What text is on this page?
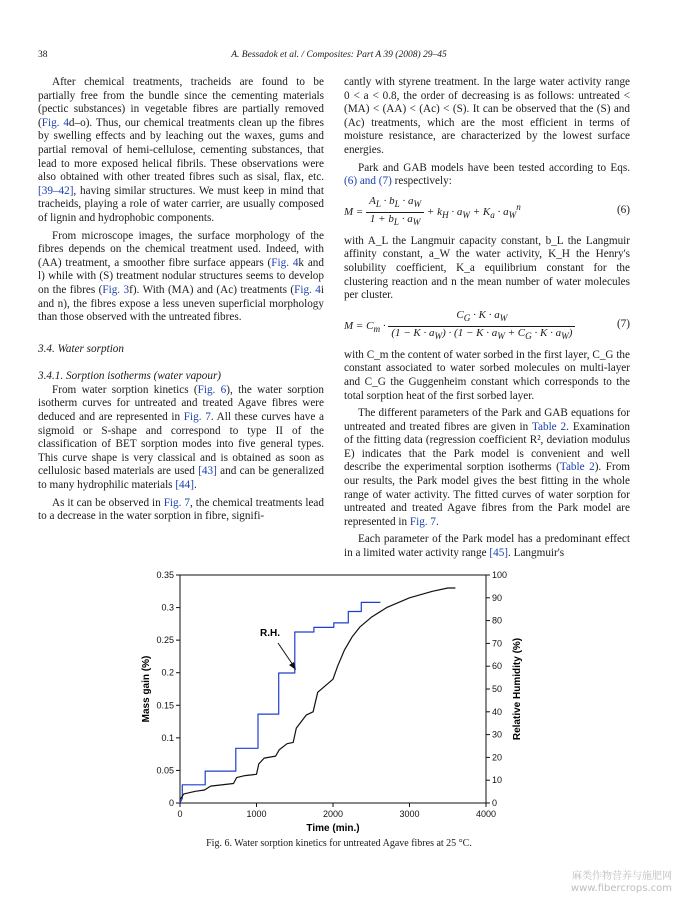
38	A. Bessadok et al. / Composites: Part A 39 (2008) 29–45

After chemical treatments, tracheids are found to be partially free from the bundle since the cementing materials (pectic substances) in vegetable fibres are partially removed (Fig. 4d–o). Thus, our chemical treatments clean up the fibres by swelling effects and by leaching out the waxes, gums and partial removal of hemi-cellulose, cementing substances, that lead to more exposed helical fibrils. These observations were also obtained with other treated fibres such as sisal, flax, etc. [39–42], having similar structures. We must keep in mind that tracheids, playing a role of water carrier, are usually composed of lignin and hydrophobic components.

From microscope images, the surface morphology of the fibres depends on the chemical treatment used. Indeed, with (AA) treatment, a smoother fibre surface appears (Fig. 4k and l) while with (S) treatment nodular structures seems to develop on the fibres (Fig. 3f). With (MA) and (Ac) treatments (Fig. 4i and n), the fibres expose a less uneven superficial morphology than those observed with the untreated fibres.

3.4. Water sorption
3.4.1. Sorption isotherms (water vapour)

From water sorption kinetics (Fig. 6), the water sorption isotherm curves for untreated and treated Agave fibres were deduced and are represented in Fig. 7. All these curves have a sigmoid or S-shape and correspond to type II of the classification of BET sorption modes into five general types. This curve shape is very classical and is obtained as soon as cellulosic based materials are used [43] and can be generalized to many hydrophilic materials [44].

As it can be observed in Fig. 7, the chemical treatments lead to a decrease in the water sorption in fibre, signifi-

cantly with styrene treatment. In the large water activity range 0 < a < 0.8, the order of decreasing is as follows: untreated < (MA) < (AA) < (Ac) < (S). It can be observed that the (S) and (Ac) treatments, which are the most efficient in terms of moisture resistance, are characterized by the lowest surface energies.

Park and GAB models have been tested according to Eqs. (6) and (7) respectively:

$M = \frac{A_L \cdot b_L \cdot a_W}{1 + b_L \cdot a_W} + k_H \cdot a_W + K_a \cdot a_W^n$	(6)

with A_L the Langmuir capacity constant, b_L the Langmuir affinity constant, a_W the water activity, K_H the Henry's solubility coefficient, K_a equilibrium constant for the clustering reaction and n the mean number of water molecules per cluster.

$M = C_m \cdot \frac{C_G \cdot K \cdot a_W}{(1 - K \cdot a_W) \cdot (1 - K \cdot a_W + C_G \cdot K \cdot a_W)}$	(7)

with C_m the content of water sorbed in the first layer, C_G the constant associated to water sorbed molecules on multi-layer and C_G the Guggenheim constant which corresponds to the total sorption heat of the first sorbed layer.

The different parameters of the Park and GAB equations for untreated and treated fibres are given in Table 2. Examination of the fitting data (regression coefficient R², deviation modulus E) indicates that the Park model is convenient and well describe the experimental sorption isotherms (Table 2). From our results, the Park model gives the best fitting in the whole range of water activity. The fitted curves of water sorption for untreated and treated Agave fibres from the Park model are represented in Fig. 7.

Each parameter of the Park model has a predominant effect in a limited water activity range [45]. Langmuir's

0
0.05
0.1
0.15
0.2
0.25
0.3
0.35
0
10
20
30
40
50
60
70
80
90
100
0	1000	2000	3000	4000
Mass gain (%)	Relative Humidity (%)
Time (min.)
R.H.
Fig. 6. Water sorption kinetics for untreated Agave fibres at 25 °C.
麻类作物营养与施肥网
www.fibercrops.com
